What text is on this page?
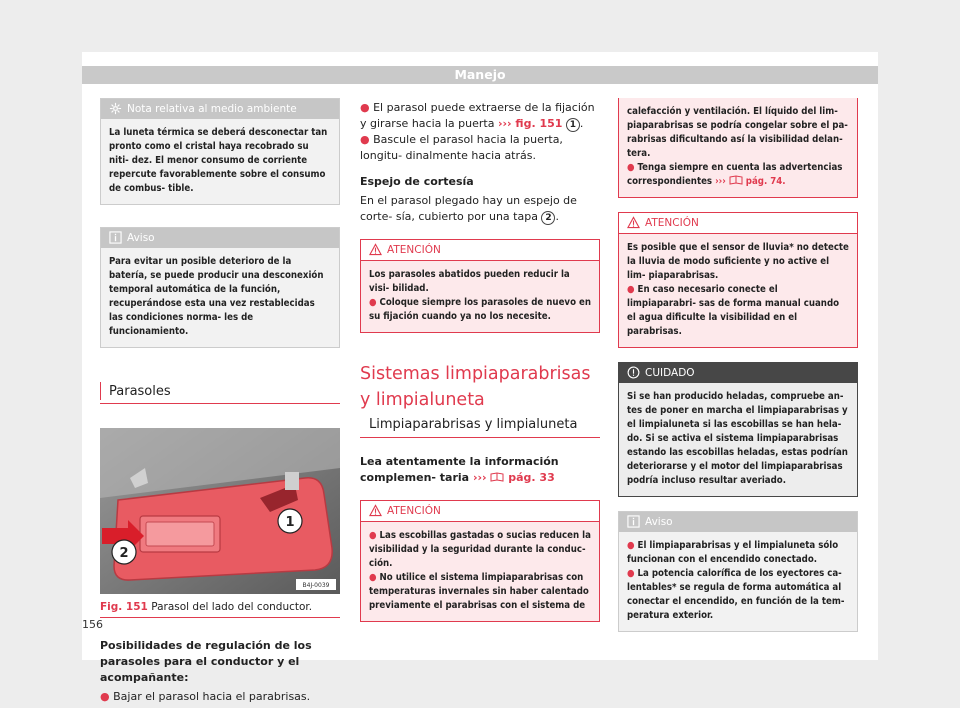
Manejo
Nota relativa al medio ambiente
La luneta térmica se deberá desconectar tan pronto como el cristal haya recobrado su niti- dez. El menor consumo de corriente repercute favorablemente sobre el consumo de combus- tible.
Aviso
Para evitar un posible deterioro de la batería, se puede producir una desconexión temporal automática de la función, recuperándose esta una vez restablecidas las condiciones norma- les de funcionamiento.
Parasoles
1
2
B4J-0039
Fig. 151 Parasol del lado del conductor.
Posibilidades de regulación de los parasoles para el conductor y el acompañante:
● Bajar el parasol hacia el parabrisas.
● El parasol puede extraerse de la fijación y girarse hacia la puerta ››› fig. 151 1 .
● Bascule el parasol hacia la puerta, longitu- dinalmente hacia atrás.
Espejo de cortesía
En el parasol plegado hay un espejo de corte- sía, cubierto por una tapa 2 .
ATENCIÓN
Los parasoles abatidos pueden reducir la visi- bilidad.
● Coloque siempre los parasoles de nuevo en su fijación cuando ya no los necesite.
Sistemas limpiaparabrisas y limpialuneta
Limpiaparabrisas y limpialuneta
Lea atentamente la información complemen- taria ››› pág. 33
ATENCIÓN
● Las escobillas gastadas o sucias reducen la visibilidad y la seguridad durante la conduc- ción.
● No utilice el sistema limpiaparabrisas con temperaturas invernales sin haber calentado previamente el parabrisas con el sistema de
calefacción y ventilación. El líquido del lim- piaparabrisas se podría congelar sobre el pa- rabrisas dificultando así la visibilidad delan- tera.
● Tenga siempre en cuenta las advertencias correspondientes ››› pág. 74.
ATENCIÓN
Es posible que el sensor de lluvia* no detecte la lluvia de modo suficiente y no active el lim- piaparabrisas.
● En caso necesario conecte el limpiaparabri- sas de forma manual cuando el agua dificulte la visibilidad en el parabrisas.
CUIDADO
Si se han producido heladas, compruebe an- tes de poner en marcha el limpiaparabrisas y el limpialuneta si las escobillas se han hela- do. Si se activa el sistema limpiaparabrisas estando las escobillas heladas, estas podrían deteriorarse y el motor del limpiaparabrisas podría incluso resultar averiado.
Aviso
● El limpiaparabrisas y el limpialuneta sólo funcionan con el encendido conectado.
● La potencia calorífica de los eyectores ca- lentables* se regula de forma automática al conectar el encendido, en función de la tem- peratura exterior.
156
